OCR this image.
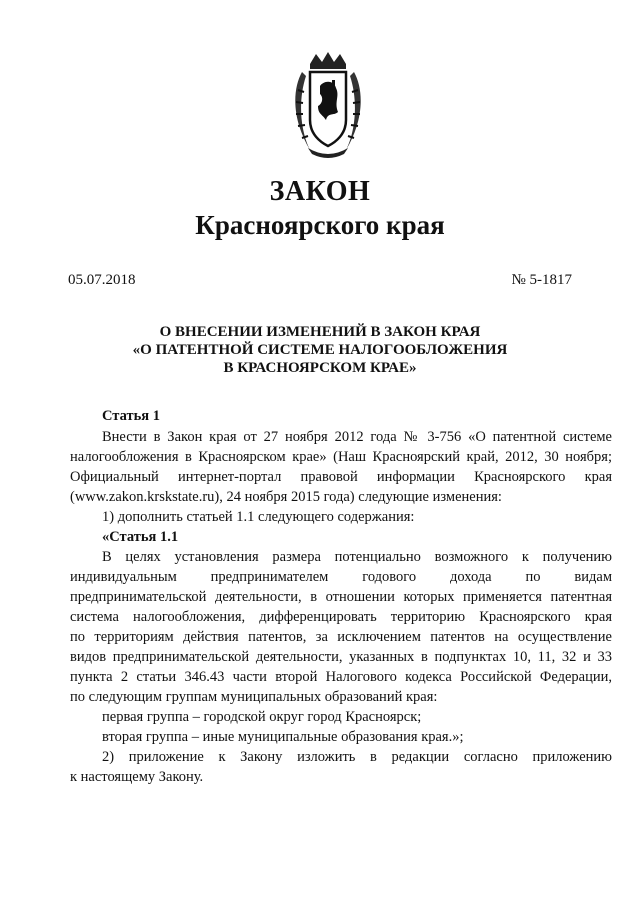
ЗАКОН
Красноярского края
05.07.2018	№ 5-1817
О ВНЕСЕНИИ ИЗМЕНЕНИЙ В ЗАКОН КРАЯ
«О ПАТЕНТНОЙ СИСТЕМЕ НАЛОГООБЛОЖЕНИЯ
В КРАСНОЯРСКОМ КРАЕ»
Статья 1
Внести в Закон края от 27 ноября 2012 года № 3-756 «О патентной системе
налогообложения в Красноярском крае» (Наш Красноярский край, 2012, 30 ноября;
Официальный интернет-портал правовой информации Красноярского края
(www.zakon.krskstate.ru), 24 ноября 2015 года) следующие изменения:
1) дополнить статьей 1.1 следующего содержания:
«Статья 1.1
В целях установления размера потенциально возможного к получению
индивидуальным предпринимателем годового дохода по видам
предпринимательской деятельности, в отношении которых применяется патентная
система налогообложения, дифференцировать территорию Красноярского края
по территориям действия патентов, за исключением патентов на осуществление
видов предпринимательской деятельности, указанных в подпунктах 10, 11, 32 и 33
пункта 2 статьи 346.43 части второй Налогового кодекса Российской Федерации,
по следующим группам муниципальных образований края:
первая группа – городской округ город Красноярск;
вторая группа – иные муниципальные образования края.»;
2) приложение к Закону изложить в редакции согласно приложению
к настоящему Закону.
